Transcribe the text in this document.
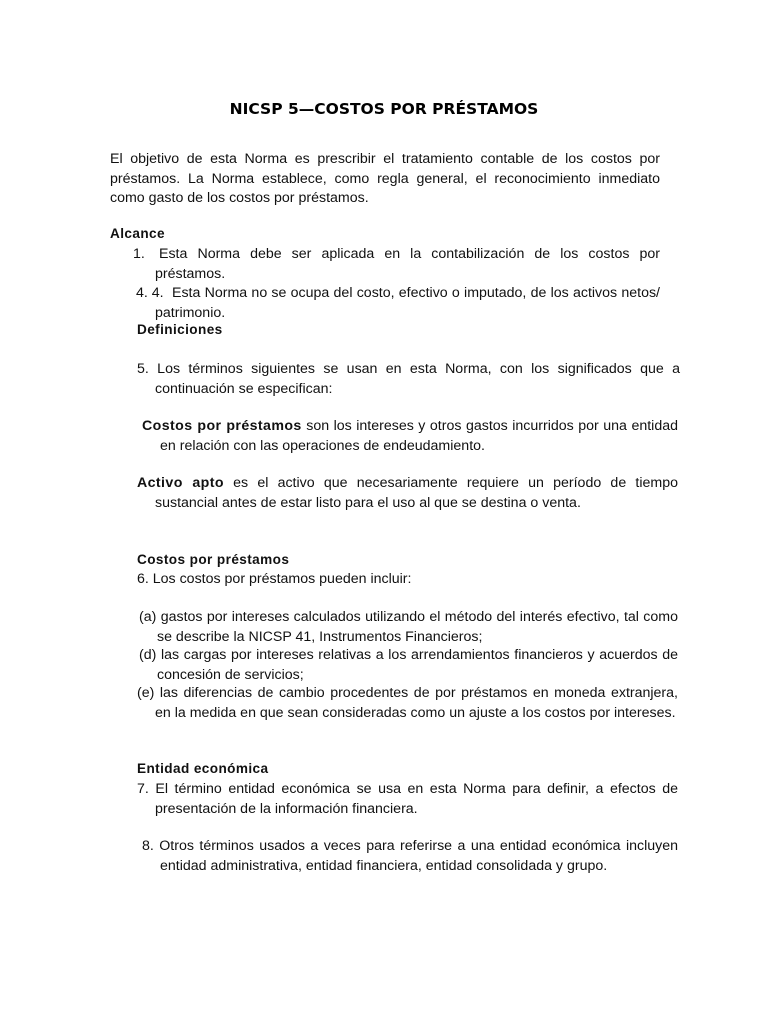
NICSP 5—COSTOS POR PRÉSTAMOS
El objetivo de esta Norma es prescribir el tratamiento contable de los costos por préstamos. La Norma establece, como regla general, el reconocimiento inmediato como gasto de los costos por préstamos.
Alcance
1. Esta Norma debe ser aplicada en la contabilización de los costos por préstamos.
4. 4. Esta Norma no se ocupa del costo, efectivo o imputado, de los activos netos/ patrimonio.
Definiciones
5. Los términos siguientes se usan en esta Norma, con los significados que a continuación se especifican:
Costos por préstamos son los intereses y otros gastos incurridos por una entidad en relación con las operaciones de endeudamiento.
Activo apto es el activo que necesariamente requiere un período de tiempo sustancial antes de estar listo para el uso al que se destina o venta.
Costos por préstamos
6. Los costos por préstamos pueden incluir:
(a) gastos por intereses calculados utilizando el método del interés efectivo, tal como se describe la NICSP 41, Instrumentos Financieros;
(d) las cargas por intereses relativas a los arrendamientos financieros y acuerdos de concesión de servicios;
(e) las diferencias de cambio procedentes de por préstamos en moneda extranjera, en la medida en que sean consideradas como un ajuste a los costos por intereses.
Entidad económica
7. El término entidad económica se usa en esta Norma para definir, a efectos de presentación de la información financiera.
8. Otros términos usados a veces para referirse a una entidad económica incluyen entidad administrativa, entidad financiera, entidad consolidada y grupo.
